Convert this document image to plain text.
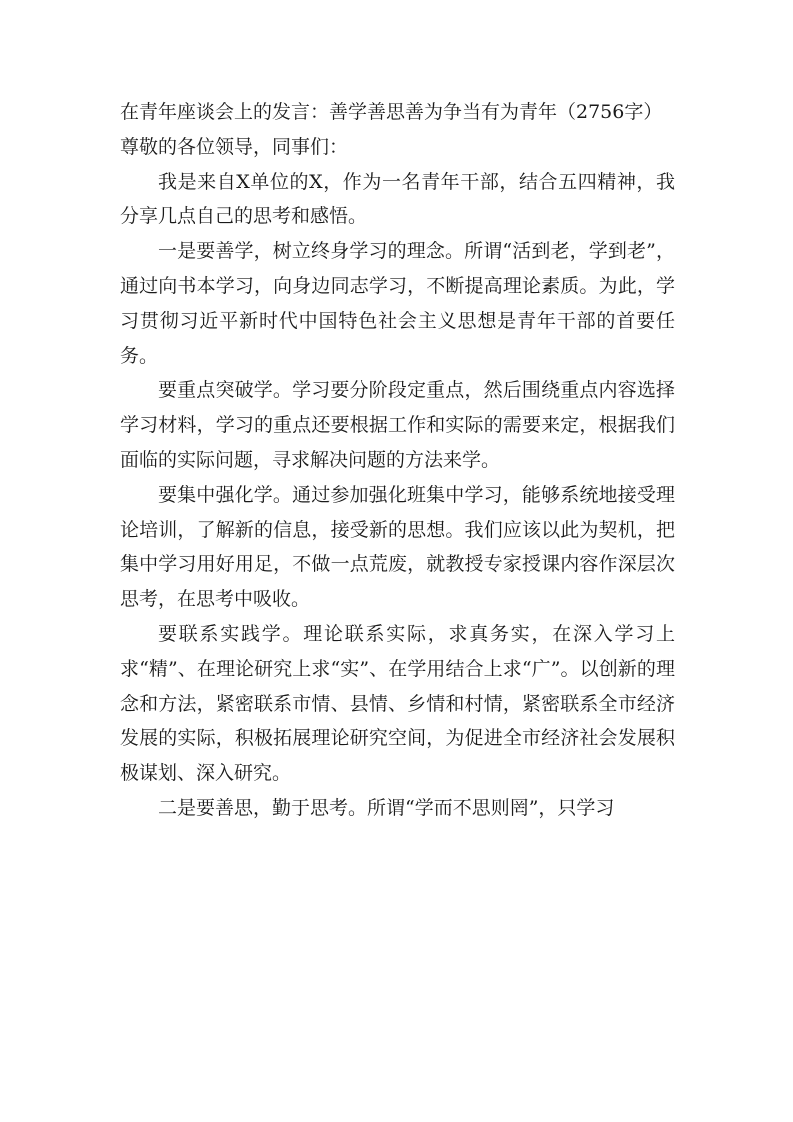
在青年座谈会上的发言：善学善思善为争当有为青年（2756字）

尊敬的各位领导，同事们：

我是来自X单位的X，作为一名青年干部，结合五四精神，我分享几点自己的思考和感悟。

一是要善学，树立终身学习的理念。所谓“活到老，学到老”，通过向书本学习，向身边同志学习，不断提高理论素质。为此，学习贯彻习近平新时代中国特色社会主义思想是青年干部的首要任务。

要重点突破学。学习要分阶段定重点，然后围绕重点内容选择学习材料，学习的重点还要根据工作和实际的需要来定，根据我们面临的实际问题，寻求解决问题的方法来学。

要集中强化学。通过参加强化班集中学习，能够系统地接受理论培训，了解新的信息，接受新的思想。我们应该以此为契机，把集中学习用好用足，不做一点荒废，就教授专家授课内容作深层次思考，在思考中吸收。

要联系实践学。理论联系实际，求真务实，在深入学习上求“精”、在理论研究上求“实”、在学用结合上求“广”。以创新的理念和方法，紧密联系市情、县情、乡情和村情，紧密联系全市经济发展的实际，积极拓展理论研究空间，为促进全市经济社会发展积极谋划、深入研究。

二是要善思，勤于思考。所谓“学而不思则罔”，只学习
